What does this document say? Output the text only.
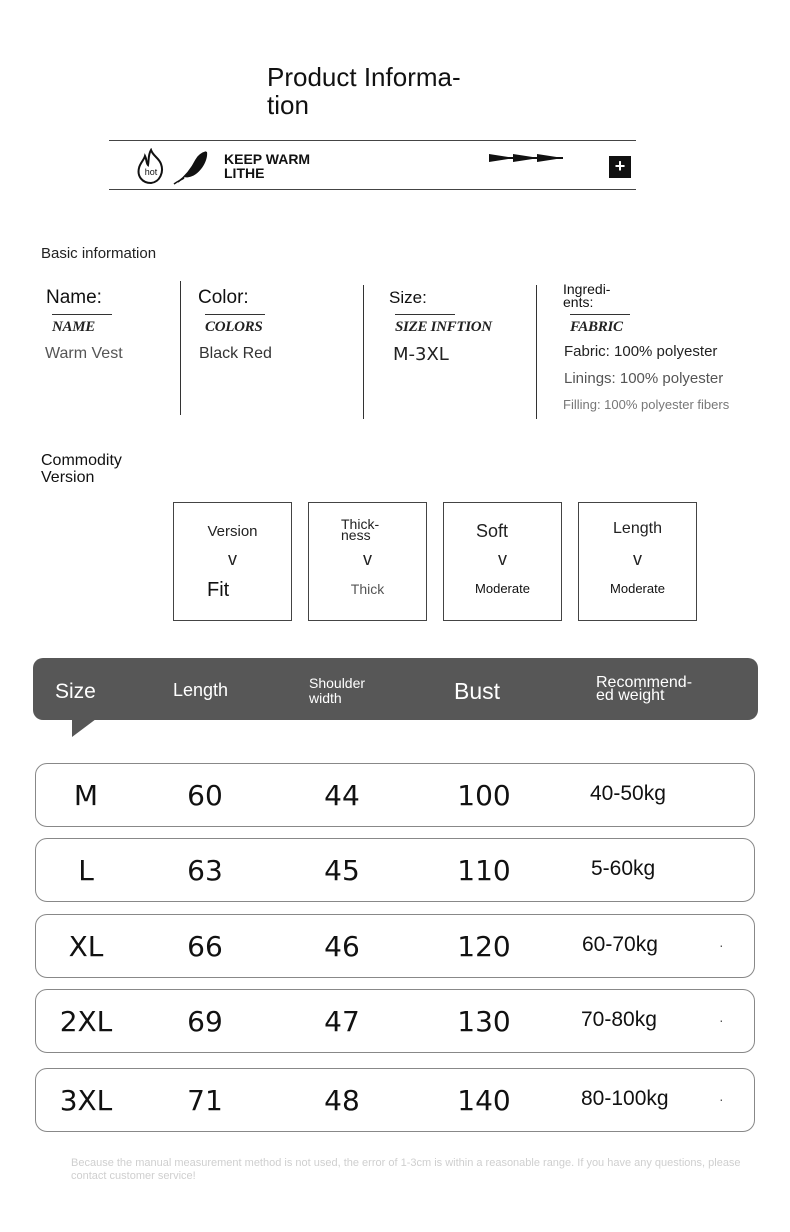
Product Informa-
tion
hot
KEEP WARM
LITHE	+
Basic information
Name:
NAME
Warm Vest
Color:
COLORS
Black Red
Size:
SIZE INFTION
M-3XL
Ingredi-
ents:
FABRIC
Fabric: 100% polyester
Linings: 100% polyester
Filling: 100% polyester fibers
Commodity
Version
Version
v
Fit
Thick-
ness
v
Thick
Soft
v
Moderate
Length
v
Moderate
Size	Length	Shoulder
width	Bust	Recommend-
ed weight
M	60	44	100	40-50kg
L	63	45	110	5-60kg
XL	66	46	120	60-70kg	·
2XL	69	47	130	70-80kg	·
3XL	71	48	140	80-100kg	·
Because the manual measurement method is not used, the error of 1-3cm is within a reasonable range. If you have any questions, please contact customer service!
